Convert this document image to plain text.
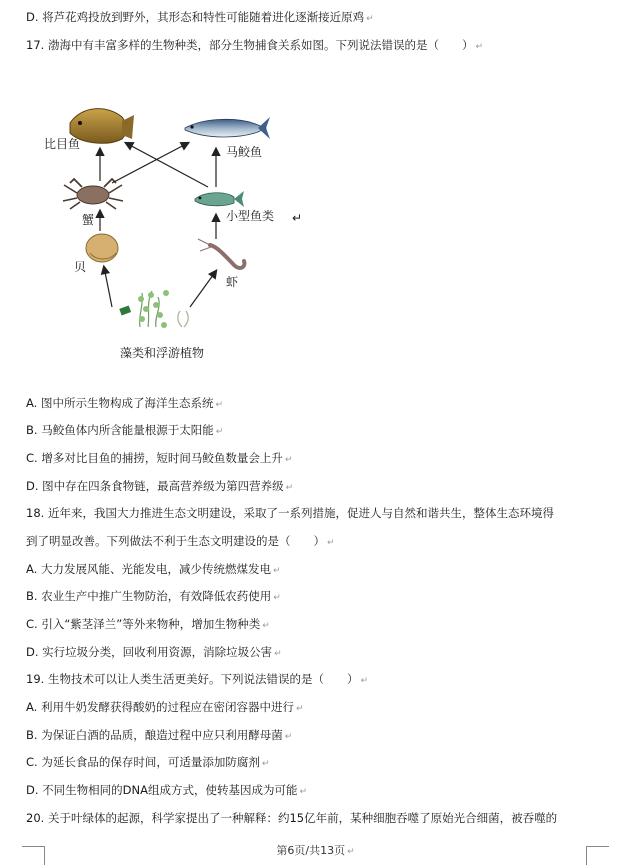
D. 将芦花鸡投放到野外，其形态和特性可能随着进化逐渐接近原鸡 ↵
17. 渤海中有丰富多样的生物种类，部分生物捕食关系如图。下列说法错误的是（　　） ↵
比目鱼
马鲛鱼
蟹	小型鱼类 ↵
贝
虾
藻类和浮游植物
A. 图中所示生物构成了海洋生态系统 ↵
B. 马鲛鱼体内所含能量根源于太阳能 ↵
C. 增多对比目鱼的捕捞，短时间马鲛鱼数量会上升 ↵
D. 图中存在四条食物链，最高营养级为第四营养级 ↵
18. 近年来，我国大力推进生态文明建设，采取了一系列措施，促进人与自然和谐共生，整体生态环境得
到了明显改善。下列做法不利于生态文明建设的是（　　） ↵
A. 大力发展风能、光能发电，减少传统燃煤发电 ↵
B. 农业生产中推广生物防治，有效降低农药使用 ↵
C. 引入“紫茎泽兰”等外来物种，增加生物种类 ↵
D. 实行垃圾分类，回收利用资源，消除垃圾公害 ↵
19. 生物技术可以让人类生活更美好。下列说法错误的是（　　） ↵
A. 利用牛奶发酵获得酸奶的过程应在密闭容器中进行 ↵
B. 为保证白酒的品质，酿造过程中应只利用酵母菌 ↵
C. 为延长食品的保存时间，可适量添加防腐剂 ↵
D. 不同生物相同的DNA组成方式，使转基因成为可能 ↵
20. 关于叶绿体的起源，科学家提出了一种解释：约15亿年前，某种细胞吞噬了原始光合细菌，被吞噬的
第6页/共13页 ↵
